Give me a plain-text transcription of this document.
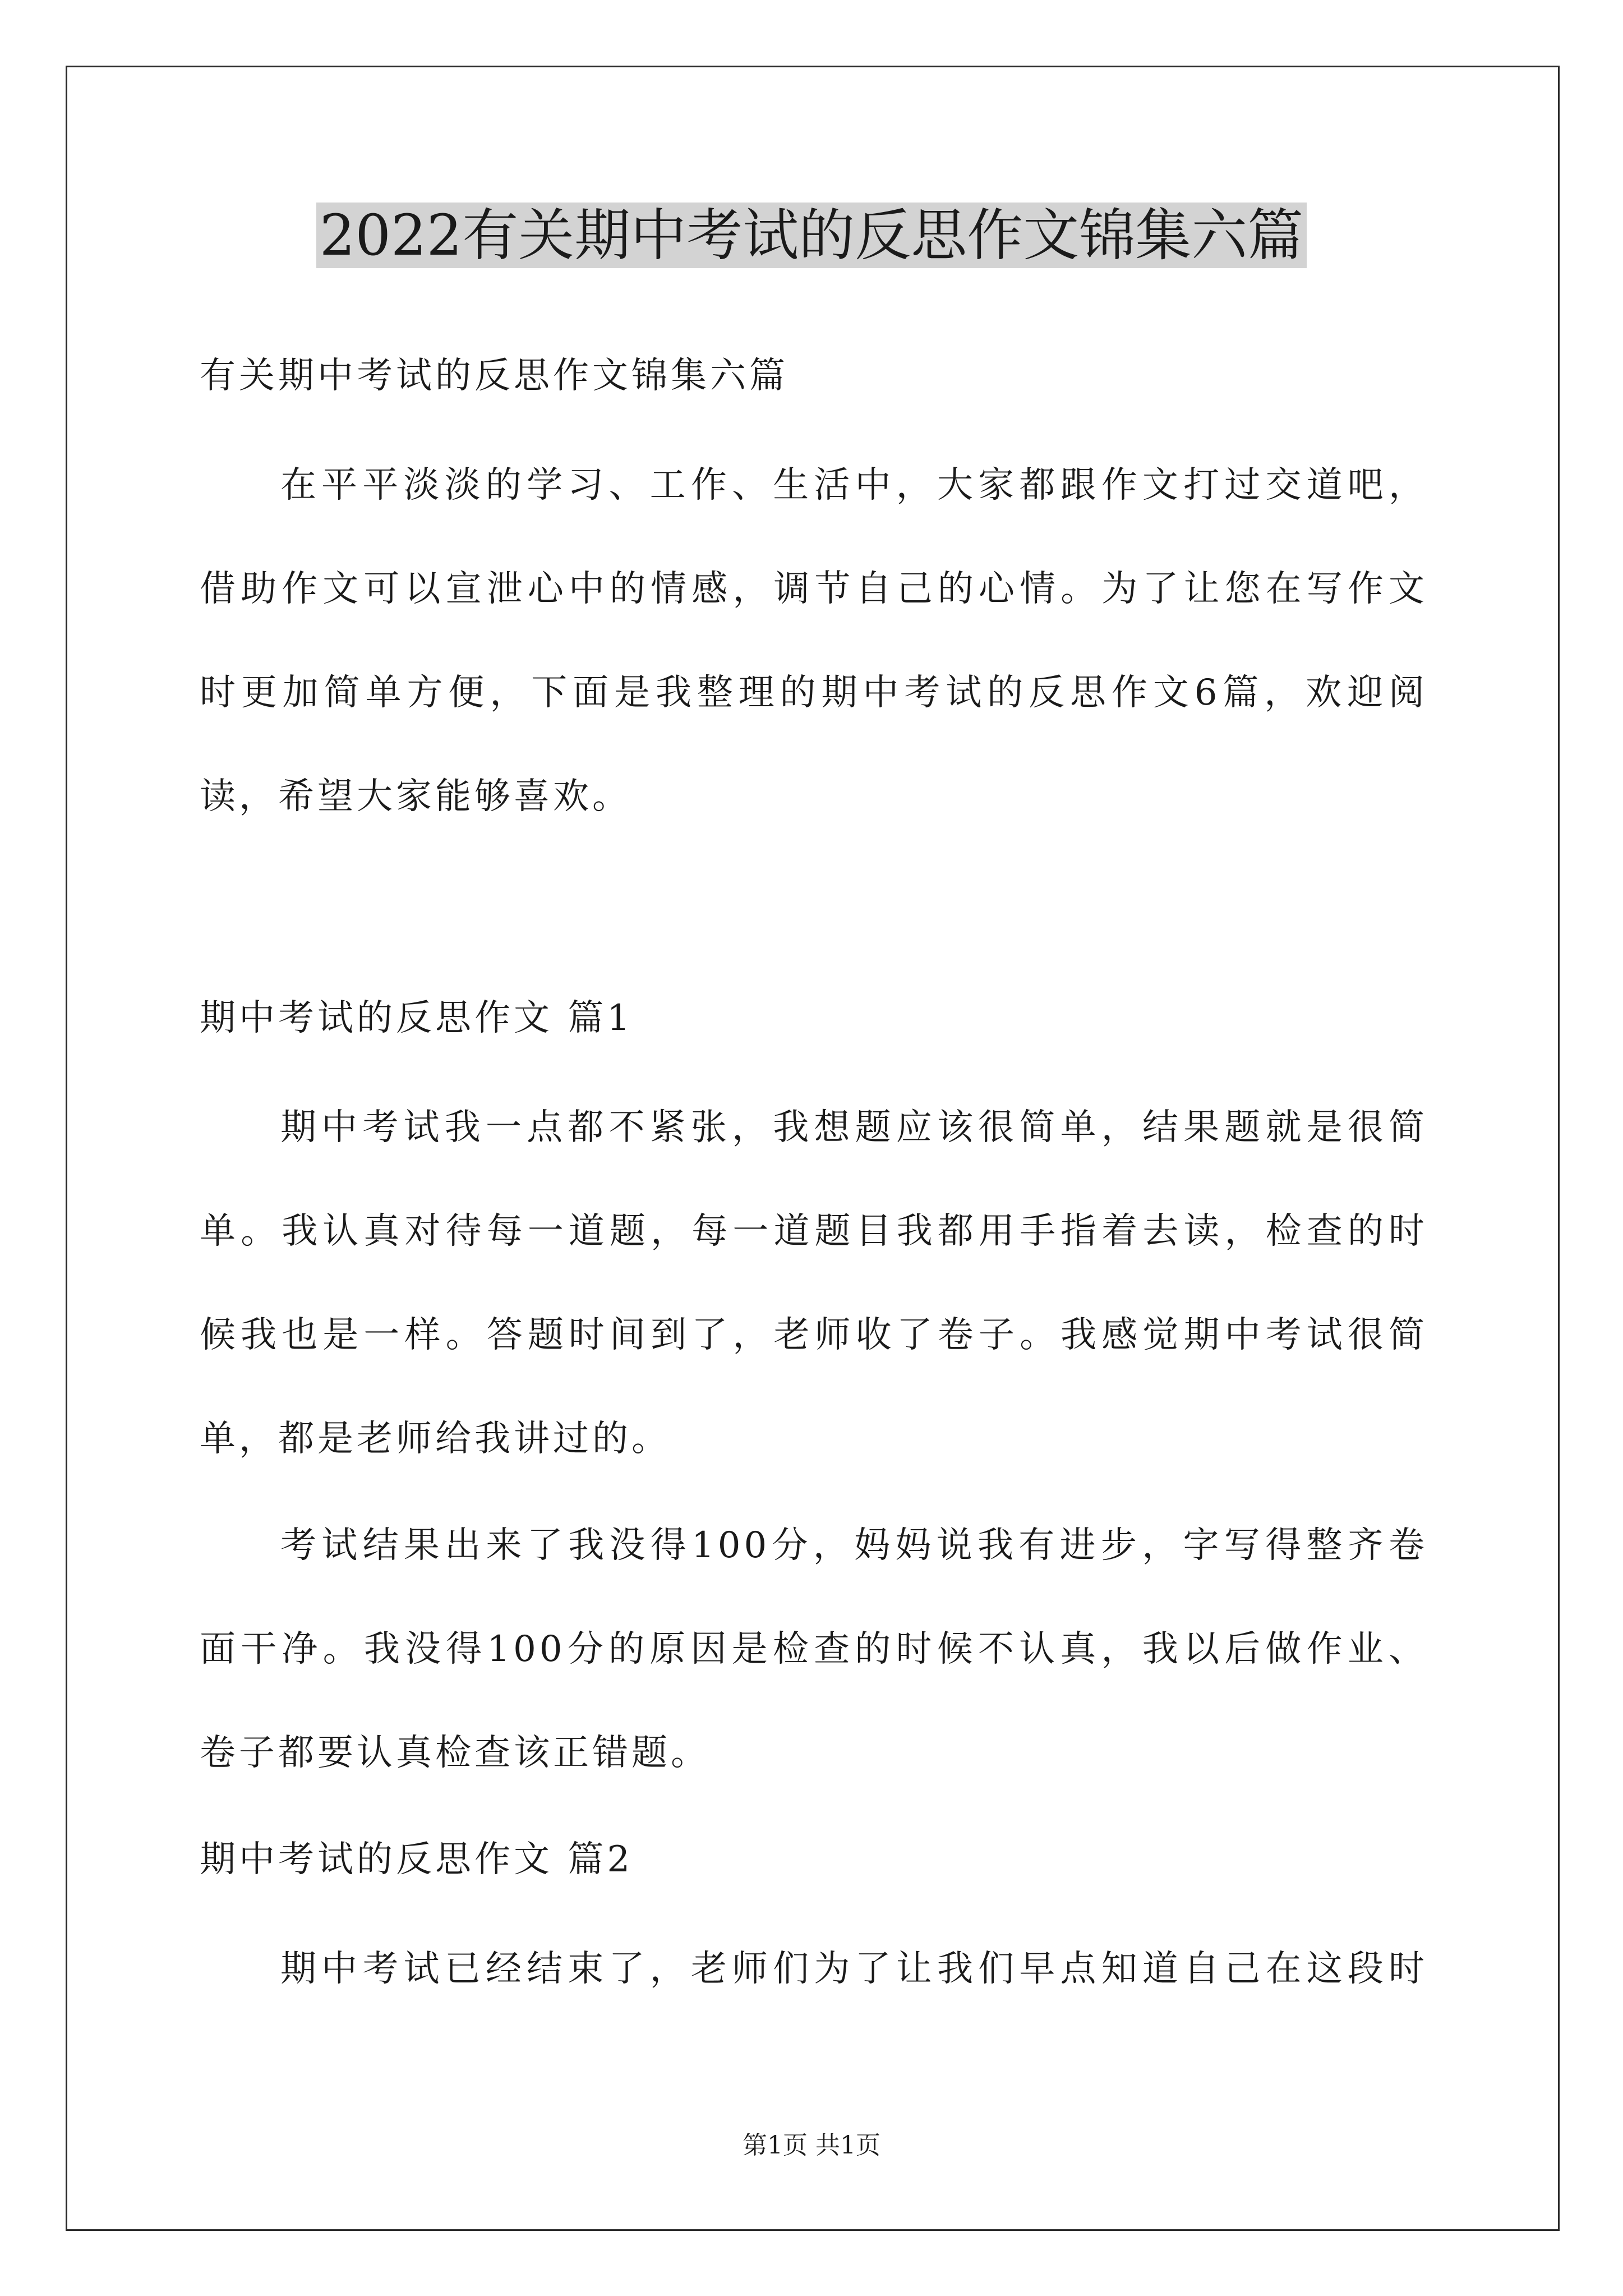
2022有关期中考试的反思作文锦集六篇
有关期中考试的反思作文锦集六篇
在平平淡淡的学习、工作、生活中，大家都跟作文打过交道吧，
借助作文可以宣泄心中的情感，调节自己的心情。为了让您在写作文
时更加简单方便，下面是我整理的期中考试的反思作文6篇，欢迎阅
读，希望大家能够喜欢。
期中考试的反思作文 篇1
期中考试我一点都不紧张，我想题应该很简单，结果题就是很简
单。我认真对待每一道题，每一道题目我都用手指着去读，检查的时
候我也是一样。答题时间到了，老师收了卷子。我感觉期中考试很简
单，都是老师给我讲过的。
考试结果出来了我没得100分，妈妈说我有进步，字写得整齐卷
面干净。我没得100分的原因是检查的时候不认真，我以后做作业、
卷子都要认真检查该正错题。
期中考试的反思作文 篇2
期中考试已经结束了，老师们为了让我们早点知道自己在这段时
第1页 共1页
